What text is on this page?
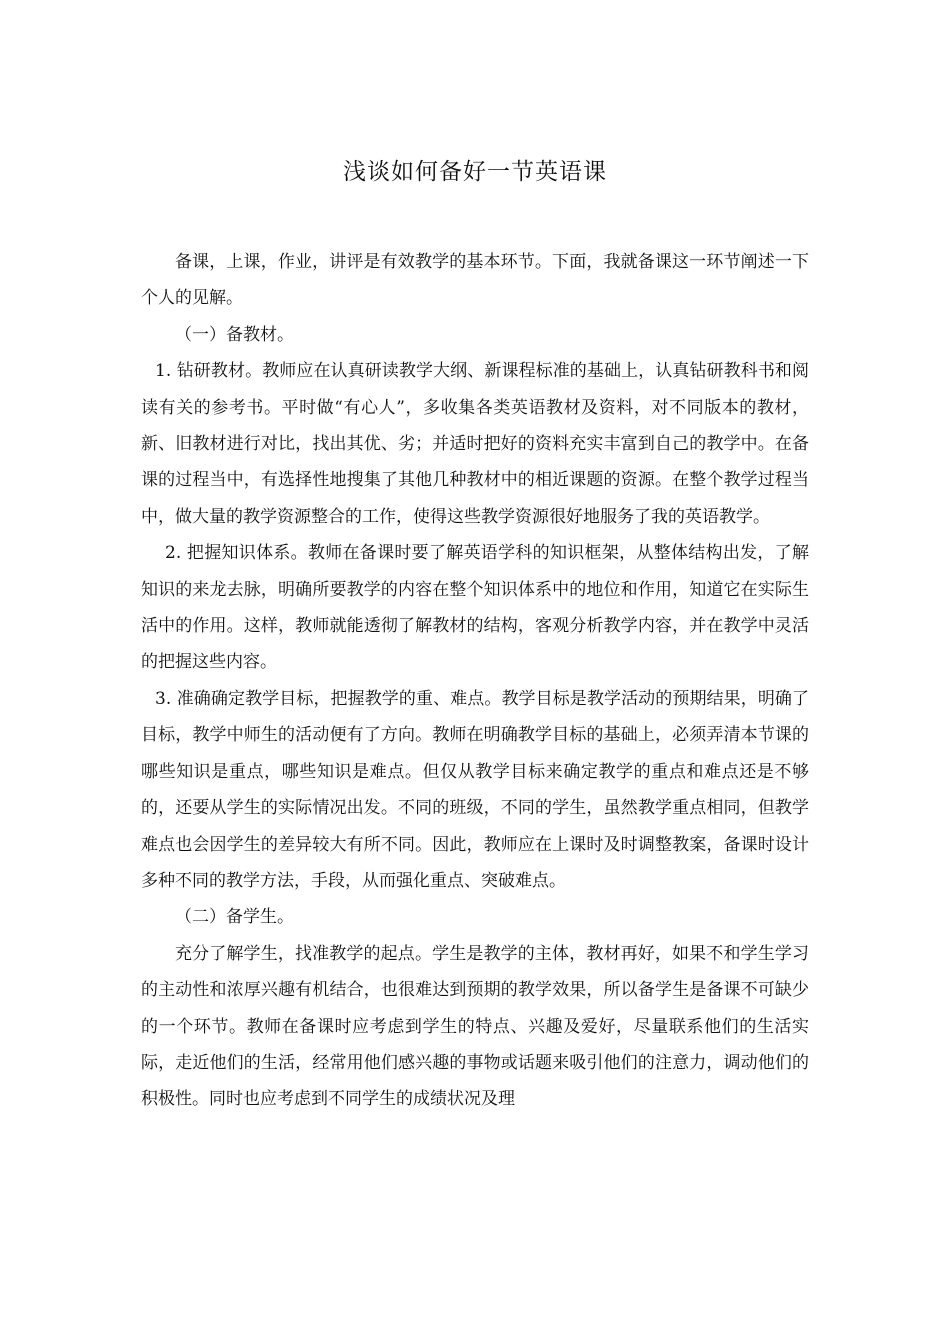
浅谈如何备好一节英语课

备课，上课，作业，讲评是有效教学的基本环节。下面，我就备课这一环节阐述一下个人的见解。

（一）备教材。

1. 钻研教材。教师应在认真研读教学大纲、新课程标准的基础上，认真钻研教科书和阅读有关的参考书。平时做“有心人”，多收集各类英语教材及资料，对不同版本的教材，新、旧教材进行对比，找出其优、劣；并适时把好的资料充实丰富到自己的教学中。在备课的过程当中，有选择性地搜集了其他几种教材中的相近课题的资源。在整个教学过程当中，做大量的教学资源整合的工作，使得这些教学资源很好地服务了我的英语教学。

2. 把握知识体系。教师在备课时要了解英语学科的知识框架，从整体结构出发，了解知识的来龙去脉，明确所要教学的内容在整个知识体系中的地位和作用，知道它在实际生活中的作用。这样，教师就能透彻了解教材的结构，客观分析教学内容，并在教学中灵活的把握这些内容。

3. 准确确定教学目标，把握教学的重、难点。教学目标是教学活动的预期结果，明确了目标，教学中师生的活动便有了方向。教师在明确教学目标的基础上，必须弄清本节课的哪些知识是重点，哪些知识是难点。但仅从教学目标来确定教学的重点和难点还是不够的，还要从学生的实际情况出发。不同的班级，不同的学生，虽然教学重点相同，但教学难点也会因学生的差异较大有所不同。因此，教师应在上课时及时调整教案，备课时设计多种不同的教学方法，手段，从而强化重点、突破难点。

（二）备学生。

充分了解学生，找准教学的起点。学生是教学的主体，教材再好，如果不和学生学习的主动性和浓厚兴趣有机结合，也很难达到预期的教学效果，所以备学生是备课不可缺少的一个环节。教师在备课时应考虑到学生的特点、兴趣及爱好，尽量联系他们的生活实际，走近他们的生活，经常用他们感兴趣的事物或话题来吸引他们的注意力，调动他们的积极性。同时也应考虑到不同学生的成绩状况及理
